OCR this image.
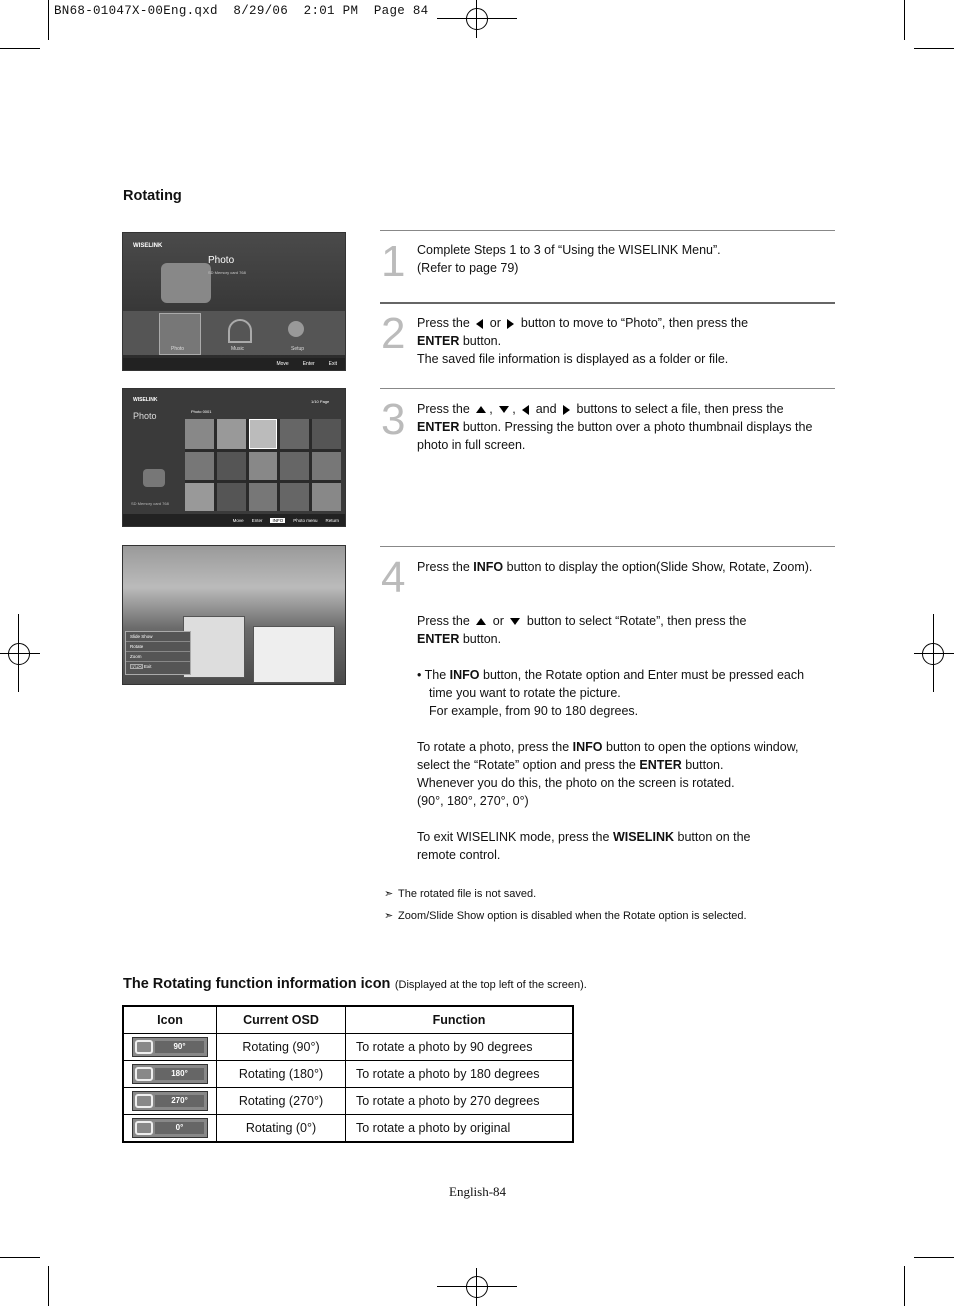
BN68-01047X-00Eng.qxd  8/29/06  2:01 PM  Page 84
Rotating
WISELINK
Photo
SD Memory card 768
Photo	Music	Setup
Move	Enter	Exit
WISELINK
Photo
SD Memory card 768
1/10 Page
Photo 0001
Move Enter	INFO	Photo menu Return
Slide Show
Rotate
Zoom
INFO Exit
1 Complete Steps 1 to 3 of “Using the WISELINK Menu”.
(Refer to page 79)
2 Press the or button to move to “Photo”, then press the
ENTER button.
The saved file information is displayed as a folder or file.
3 Press the , ,  and buttons to select a file, then press the
ENTER button. Pressing the button over a photo thumbnail displays the
photo in full screen.
4 Press the INFO button to display the option(Slide Show, Rotate, Zoom).
Press the or button to select “Rotate”, then press the
ENTER button.
• The INFO button, the Rotate option and Enter must be pressed each
time you want to rotate the picture.
For example, from 90 to 180 degrees.
To rotate a photo, press the INFO button to open the options window,
select the “Rotate” option and press the ENTER button.
Whenever you do this, the photo on the screen is rotated.
(90°, 180°, 270°, 0°)
To exit WISELINK mode, press the WISELINK button on the
remote control.
➣ The rotated file is not saved.
➣ Zoom/Slide Show option is disabled when the Rotate option is selected.
The Rotating function information icon (Displayed at the top left of the screen).
Icon	Current OSD	Function

90°	Rotating (90°)	To rotate a photo by 90 degrees

180°	Rotating (180°)	To rotate a photo by 180 degrees

270°	Rotating (270°)	To rotate a photo by 270 degrees

0°	Rotating (0°)	To rotate a photo by original
English-84
